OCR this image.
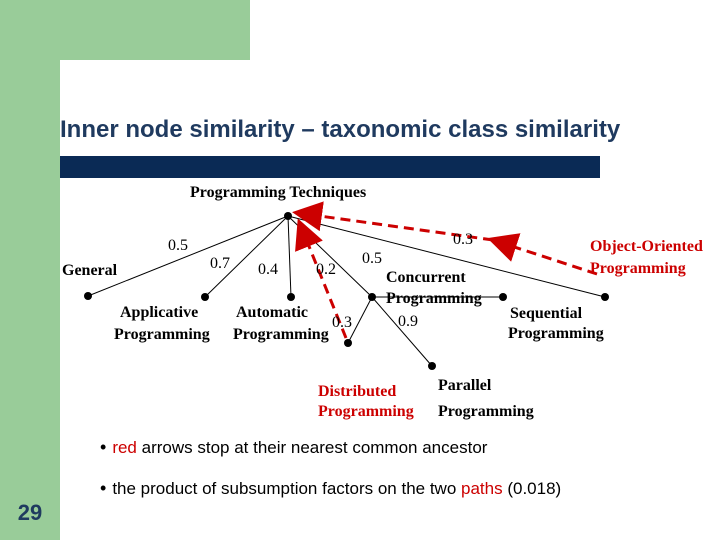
Inner node similarity – taxonomic class similarity
Programming Techniques
General
Applicative
Programming
Automatic
Programming
Concurrent
Programming
Sequential
Programming
Object-Oriented
Programming
Distributed
Programming
Parallel
Programming
0.5
0.7 0.4 0.2
0.3
0.5
0.3
0.9
• red arrows stop at their nearest common ancestor
• the product of subsumption factors on the two paths (0.018)
29
